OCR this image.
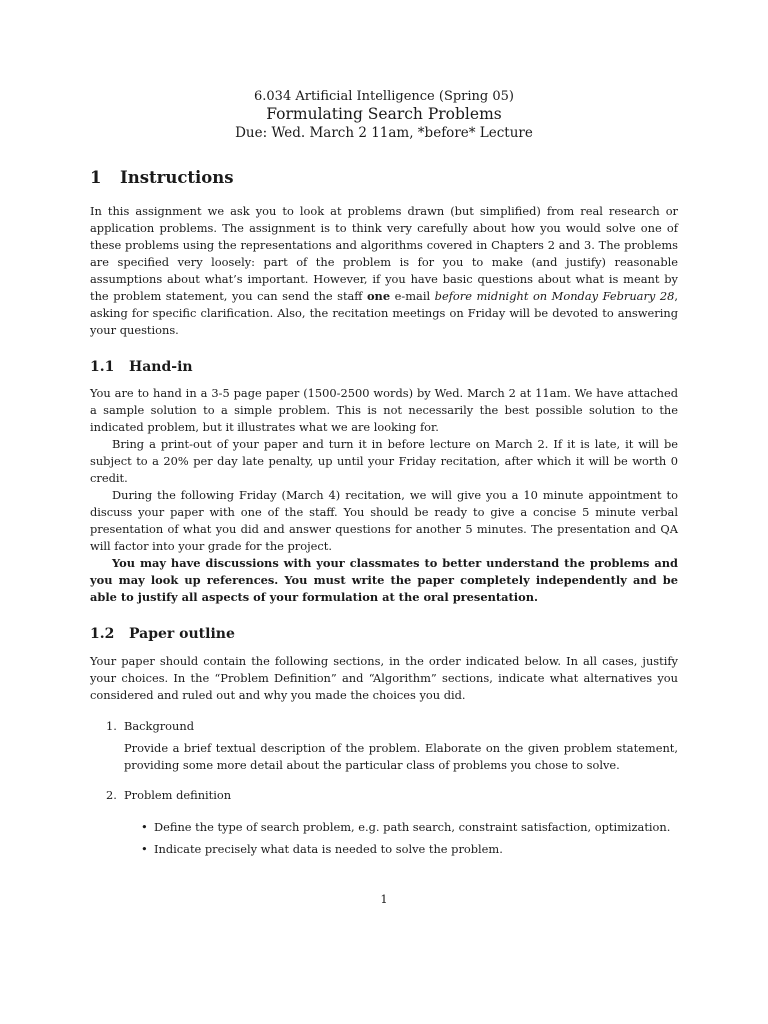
6.034 Artificial Intelligence (Spring 05)
Formulating Search Problems
Due: Wed. March 2 11am, *before* Lecture
1 Instructions

In this assignment we ask you to look at problems drawn (but simplified) from real research or application problems. The assignment is to think very carefully about how you would solve one of these problems using the representations and algorithms covered in Chapters 2 and 3. The problems are specified very loosely: part of the problem is for you to make (and justify) reasonable assumptions about what’s important. However, if you have basic questions about what is meant by the problem statement, you can send the staff one e-mail before midnight on Monday February 28, asking for specific clarification. Also, the recitation meetings on Friday will be devoted to answering your questions.

1.1 Hand-in

You are to hand in a 3-5 page paper (1500-2500 words) by Wed. March 2 at 11am. We have attached a sample solution to a simple problem. This is not necessarily the best possible solution to the indicated problem, but it illustrates what we are looking for.

Bring a print-out of your paper and turn it in before lecture on March 2. If it is late, it will be subject to a 20% per day late penalty, up until your Friday recitation, after which it will be worth 0 credit.

During the following Friday (March 4) recitation, we will give you a 10 minute appointment to discuss your paper with one of the staff. You should be ready to give a concise 5 minute verbal presentation of what you did and answer questions for another 5 minutes. The presentation and QA will factor into your grade for the project.

You may have discussions with your classmates to better understand the problems and you may look up references. You must write the paper completely independently and be able to justify all aspects of your formulation at the oral presentation.

1.2 Paper outline

Your paper should contain the following sections, in the order indicated below. In all cases, justify your choices. In the “Problem Definition” and “Algorithm” sections, indicate what alternatives you considered and ruled out and why you made the choices you did.

1. Background
Provide a brief textual description of the problem. Elaborate on the given problem statement, providing some more detail about the particular class of problems you chose to solve.
2. Problem definition
• Define the type of search problem, e.g. path search, constraint satisfaction, optimization.
• Indicate precisely what data is needed to solve the problem.
1
